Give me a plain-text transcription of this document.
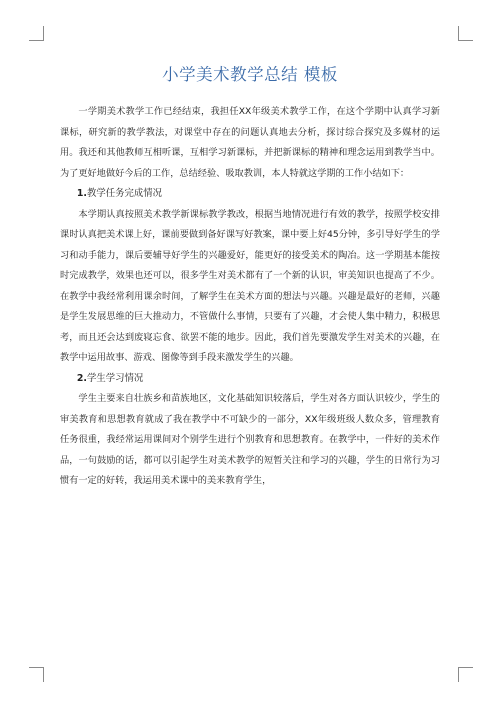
小学美术教学总结 模板

一学期美术教学工作已经结束，我担任XX年级美术教学工作，在这个学期中认真学习新课标，研究新的教学教法，对课堂中存在的问题认真地去分析，探讨综合探究及多媒材的运用。我还和其他教师互相听课，互相学习新课标，并把新课标的精神和理念运用到教学当中。为了更好地做好今后的工作，总结经验、吸取教训，本人特就这学期的工作小结如下：

1.教学任务完成情况

本学期认真按照美术教学新课标教学教改，根据当地情况进行有效的教学，按照学校安排课时认真把美术课上好，课前要做到备好课写好教案，课中要上好45分钟，多引导好学生的学习和动手能力，课后要辅导好学生的兴趣爱好，能更好的接受美术的陶冶。这一学期基本能按时完成教学，效果也还可以，很多学生对美术都有了一个新的认识，审美知识也提高了不少。在教学中我经常利用课余时间，了解学生在美术方面的想法与兴趣。兴趣是最好的老师，兴趣是学生发展思维的巨大推动力，不管做什么事情，只要有了兴趣，才会使人集中精力，积极思考，而且还会达到废寝忘食、欲罢不能的地步。因此，我们首先要激发学生对美术的兴趣，在教学中运用故事、游戏、图像等到手段来激发学生的兴趣。

2.学生学习情况

学生主要来自壮族乡和苗族地区，文化基础知识较落后，学生对各方面认识较少，学生的审美教育和思想教育就成了我在教学中不可缺少的一部分，XX年级班级人数众多，管理教育任务很重，我经常运用课间对个别学生进行个别教育和思想教育。在教学中，一件好的美术作品，一句鼓励的话，都可以引起学生对美术教学的短暂关注和学习的兴趣，学生的日常行为习惯有一定的好转，我运用美术课中的美来教育学生，
